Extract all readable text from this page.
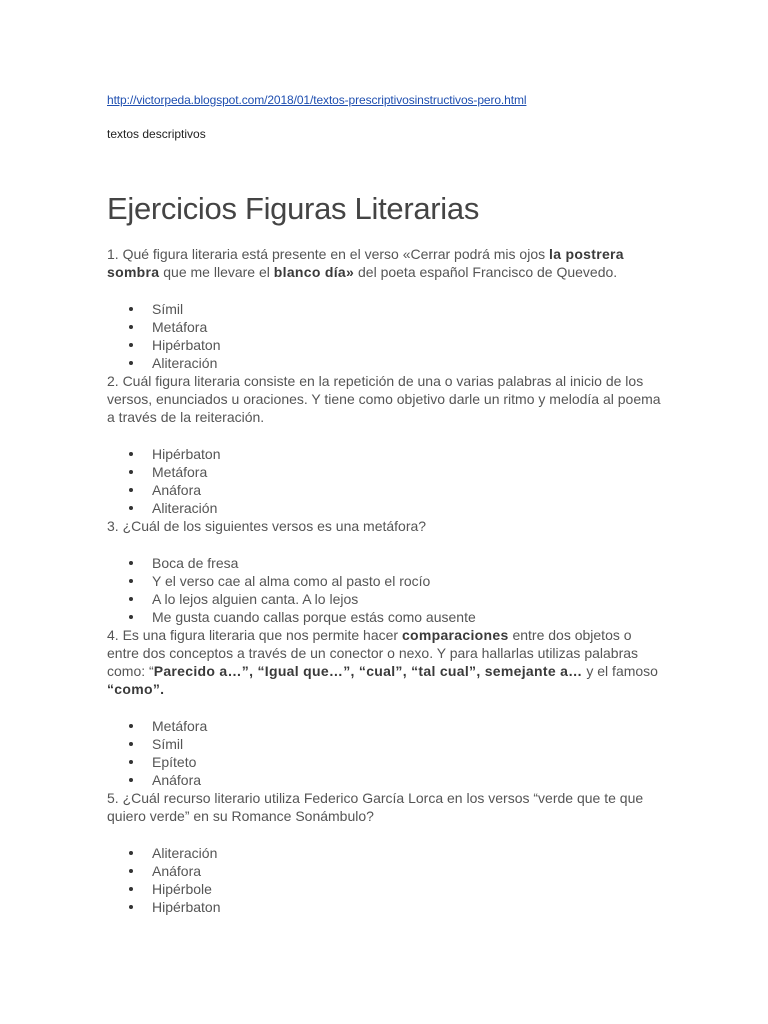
http://victorpeda.blogspot.com/2018/01/textos-prescriptivosinstructivos-pero.html
textos descriptivos
Ejercicios Figuras Literarias

1. Qué figura literaria está presente en el verso «Cerrar podrá mis ojos la postrera sombra que me llevare el blanco día» del poeta español Francisco de Quevedo.

Símil
Metáfora
Hipérbaton
Aliteración

2. Cuál figura literaria consiste en la repetición de una o varias palabras al inicio de los versos, enunciados u oraciones. Y tiene como objetivo darle un ritmo y melodía al poema a través de la reiteración.

Hipérbaton
Metáfora
Anáfora
Aliteración

3. ¿Cuál de los siguientes versos es una metáfora?

Boca de fresa
Y el verso cae al alma como al pasto el rocío
A lo lejos alguien canta. A lo lejos
Me gusta cuando callas porque estás como ausente

4. Es una figura literaria que nos permite hacer comparaciones entre dos objetos o entre dos conceptos a través de un conector o nexo. Y para hallarlas utilizas palabras como: “Parecido a…”, “Igual que…”, “cual”, “tal cual”, semejante a… y el famoso “como”.

Metáfora
Símil
Epíteto
Anáfora

5. ¿Cuál recurso literario utiliza Federico García Lorca en los versos “verde que te que quiero verde” en su Romance Sonámbulo?

Aliteración
Anáfora
Hipérbole
Hipérbaton
